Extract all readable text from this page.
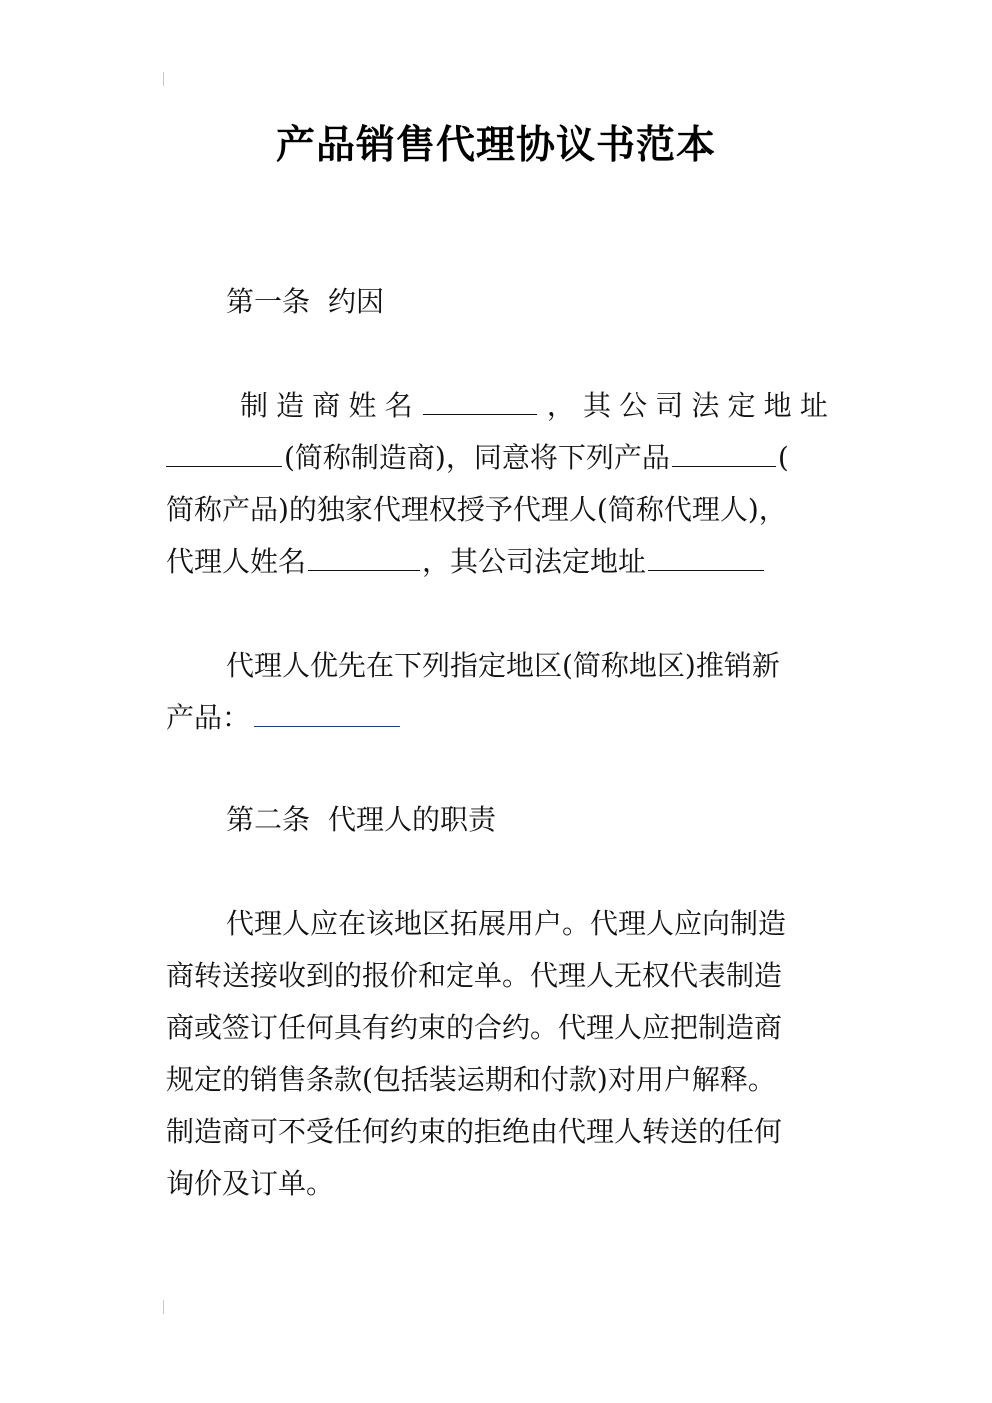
产品销售代理协议书范本
第一条 约因
制 造 商 姓 名	， 其 公 司 法 定 地 址
(简称制造商)，同意将下列产品	(
简称产品)的独家代理权授予代理人(简称代理人)，
代理人姓名	，其公司法定地址
代理人优先在下列指定地区(简称地区)推销新
产品：
第二条 代理人的职责
代理人应在该地区拓展用户。代理人应向制造
商转送接收到的报价和定单。代理人无权代表制造
商或签订任何具有约束的合约。代理人应把制造商
规定的销售条款(包括装运期和付款)对用户解释。
制造商可不受任何约束的拒绝由代理人转送的任何
询价及订单。
